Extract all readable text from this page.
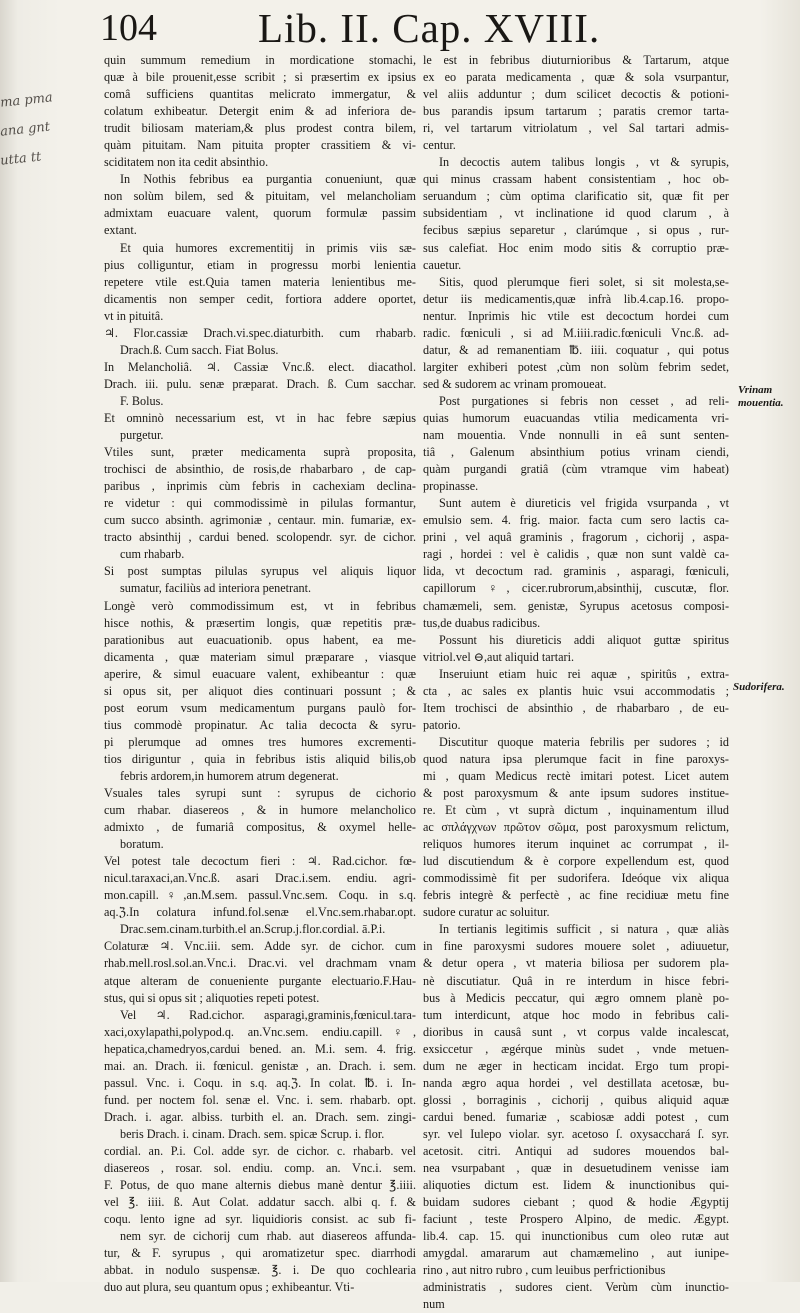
104 Lib. II. Cap. XVIII.
ma pma
ana gnt
utta tt
quin summum remedium in mordicatione stomachi,
quæ à bile prouenit,esse scribit ; si præsertim ex ipsius
comâ sufficiens quantitas melicrato immergatur, &
colatum exhibeatur. Detergit enim & ad inferiora de-
trudit biliosam materiam,& plus prodest contra bilem,
quàm pituitam. Nam pituita propter crassitiem & vi-
sciditatem non ita cedit absinthio.
In Nothis febribus ea purgantia conueniunt, quæ
non solùm bilem, sed & pituitam, vel melancholiam
admixtam euacuare valent, quorum formulæ passim
extant.
Et quia humores excrementitij in primis viis sæ-
pius colliguntur, etiam in progressu morbi lenientia
repetere vtile est.Quia tamen materia lenientibus me-
dicamentis non semper cedit, fortiora addere oportet,
vt in pituitâ.
♃. Flor.cassiæ Drach.vi.spec.diaturbith. cum rhabarb.
Drach.ß. Cum sacch. Fiat Bolus.
In Melancholiâ. ♃. Cassiæ Vnc.ß. elect. diacathol.
Drach. iii. pulu. senæ præparat. Drach. ß. Cum sacchar.
F. Bolus.
Et omninò necessarium est, vt in hac febre sæpius
purgetur.
Vtiles sunt, præter medicamenta suprà proposita,
trochisci de absinthio, de rosis,de rhabarbaro , de cap-
paribus , inprimis cùm febris in cachexiam declina-
re videtur : qui commodissimè in pilulas formantur,
cum succo absinth. agrimoniæ , centaur. min. fumariæ, ex-
tracto absinthij , cardui bened. scolopendr. syr. de cichor.
cum rhabarb.
Si post sumptas pilulas syrupus vel aliquis liquor
sumatur, faciliùs ad interiora penetrant.
Longè verò commodissimum est, vt in febribus
hisce nothis, & præsertim longis, quæ repetitis præ-
parationibus aut euacuationib. opus habent, ea me-
dicamenta , quæ materiam simul præparare , viasque
aperire, & simul euacuare valent, exhibeantur : quæ
si opus sit, per aliquot dies continuari possunt ; &
post eorum vsum medicamentum purgans paulò for-
tius commodè propinatur. Ac talia decocta & syru-
pi plerumque ad omnes tres humores excrementi-
tios diriguntur , quia in febribus istis aliquid bilis,ob
febris ardorem,in humorem atrum degenerat.
Vsuales tales syrupi sunt : syrupus de cichorio
cum rhabar. diasereos , & in humore melancholico
admixto , de fumariâ compositus, & oxymel helle-
boratum.
Vel potest tale decoctum fieri : ♃. Rad.cichor. fœ-
nicul.taraxaci,an.Vnc.ß. asari Drac.i.sem. endiu. agri-
mon.capill.♀,an.M.sem. passul.Vnc.sem. Coqu. in s.q.
aq.ℨ.In colatura infund.fol.senæ el.Vnc.sem.rhabar.opt.
Drac.sem.cinam.turbith.el an.Scrup.j.flor.cordial. ā.P.i.
Colaturæ ♃. Vnc.iii. sem. Adde syr. de cichor. cum
rhab.mell.rosl.sol.an.Vnc.i. Drac.vi. vel drachmam vnam
atque alteram de conueniente purgante electuario.F.Hau-
stus, qui si opus sit ; aliquoties repeti potest.
Vel ♃. Rad.cichor. asparagi,graminis,fœnicul.tara-
xaci,oxylapathi,polypod.q. an.Vnc.sem. endiu.capill.♀,
hepatica,chamedryos,cardui bened. an. M.i. sem. 4. frig.
mai. an. Drach. ii. fœnicul. genistæ , an. Drach. i. sem.
passul. Vnc. i. Coqu. in s.q. aq.ℨ. In colat. ℔. i. In-
fund. per noctem fol. senæ el. Vnc. i. sem. rhabarb. opt.
Drach. i. agar. albiss. turbith el. an. Drach. sem. zingi-
beris Drach. i. cinam. Drach. sem. spicæ Scrup. i. flor.
cordial. an. P.i. Col. adde syr. de cichor. c. rhabarb. vel
diasereos , rosar. sol. endiu. comp. an. Vnc.i. sem.
F. Potus, de quo mane alternis diebus manè dentur ℥.iiii.
vel ℥. iiii. ß. Aut Colat. addatur sacch. albi q. f. &
coqu. lento igne ad syr. liquidioris consist. ac sub fi-
nem syr. de cichorij cum rhab. aut diasereos affunda-
tur, & F. syrupus , qui aromatizetur spec. diarrhodi
abbat. in nodulo suspensæ. ℥. i. De quo cochlearia
duo aut plura, seu quantum opus ; exhibeantur. Vti-
le est in febribus diuturnioribus & Tartarum, atque
ex eo parata medicamenta , quæ & sola vsurpantur,
vel aliis adduntur ; dum scilicet decoctis & potioni-
bus parandis ipsum tartarum ; paratis cremor tarta-
ri, vel tartarum vitriolatum , vel Sal tartari admis-
centur.
In decoctis autem talibus longis , vt & syrupis,
qui minus crassam habent consistentiam , hoc ob-
seruandum ; cùm optima clarificatio sit, quæ fit per
subsidentiam , vt inclinatione id quod clarum , à
fecibus sæpius separetur , clarúmque , si opus , rur-
sus calefiat. Hoc enim modo sitis & corruptio præ-
cauetur.
Sitis, quod plerumque fieri solet, si sit molesta,se-
detur iis medicamentis,quæ infrà lib.4.cap.16. propo-
nentur. Inprimis hic vtile est decoctum hordei cum
radic. fœniculi , si ad M.iiii.radic.fœniculi Vnc.ß. ad-
datur, & ad remanentiam ℔. iiii. coquatur , qui potus
largiter exhiberi potest ,cùm non solùm febrim sedet,
sed & sudorem ac vrinam promoueat.
Post purgationes si febris non cesset , ad reli-
quias humorum euacuandas vtilia medicamenta vri-
nam mouentia. Vnde nonnulli in eâ sunt senten-
tiâ , Galenum absinthium potius vrinam ciendi,
quàm purgandi gratiâ (cùm vtramque vim habeat)
propinasse.
Sunt autem è diureticis vel frigida vsurpanda , vt
emulsio sem. 4. frig. maior. facta cum sero lactis ca-
prini , vel aquâ graminis , fragorum , cichorij , aspa-
ragi , hordei : vel è calidis , quæ non sunt valdè ca-
lida, vt decoctum rad. graminis , asparagi, fœniculi,
capillorum ♀, cicer.rubrorum,absinthij, cuscutæ, flor.
chamæmeli, sem. genistæ, Syrupus acetosus composi-
tus,de duabus radicibus.
Possunt his diureticis addi aliquot guttæ spiritus
vitriol.vel ⊖,aut aliquid tartari.
Inseruiunt etiam huic rei aquæ , spiritûs , extra-
cta , ac sales ex plantis huic vsui accommodatis ;
Item trochisci de absinthio , de rhabarbaro , de eu-
patorio.
Discutitur quoque materia febrilis per sudores ; id
quod natura ipsa plerumque facit in fine paroxys-
mi , quam Medicus rectè imitari potest. Licet autem
& post paroxysmum & ante ipsum sudores institue-
re. Et cùm , vt suprà dictum , inquinamentum illud
ac σπλάγχνων πρῶτον σῶμα, post paroxysmum relictum,
reliquos humores iterum inquinet ac corrumpat , il-
lud discutiendum & è corpore expellendum est, quod
commodissimè fit per sudorifera. Ideóque vix aliqua
febris integrè & perfectè , ac fine recidiuæ metu fine
sudore curatur ac soluitur.
In tertianis legitimis sufficit , si natura , quæ aliàs
in fine paroxysmi sudores mouere solet , adiuuetur,
& detur opera , vt materia biliosa per sudorem pla-
nè discutiatur. Quâ in re interdum in hisce febri-
bus à Medicis peccatur, qui ægro omnem planè po-
tum interdicunt, atque hoc modo in febribus cali-
dioribus in causâ sunt , vt corpus valde incalescat,
exsiccetur , ægérque minùs sudet , vnde metuen-
dum ne æger in hecticam incidat. Ergo tum propi-
nanda ægro aqua hordei , vel destillata acetosæ, bu-
glossi , borraginis , cichorij , quibus aliquid aquæ
cardui bened. fumariæ , scabiosæ addi potest , cum
syr. vel Iulepo violar. syr. acetoso ſ. oxysacchará ſ. syr.
acetosit. citri. Antiqui ad sudores mouendos bal-
nea vsurpabant , quæ in desuetudinem venisse iam
aliquoties dictum est. Iidem & inunctionibus qui-
buidam sudores ciebant ; quod & hodie Ægyptij
faciunt , teste Prospero Alpino, de medic. Ægypt.
lib.4. cap. 15. qui inunctionibus cum oleo rutæ aut
amygdal. amararum aut chamæmelino , aut iunipe-
rino , aut nitro rubro , cum leuibus perfrictionibus
administratis , sudores cient. Verùm cùm inunctio-
num
Vrinam mouentia.
Sudorifera.
